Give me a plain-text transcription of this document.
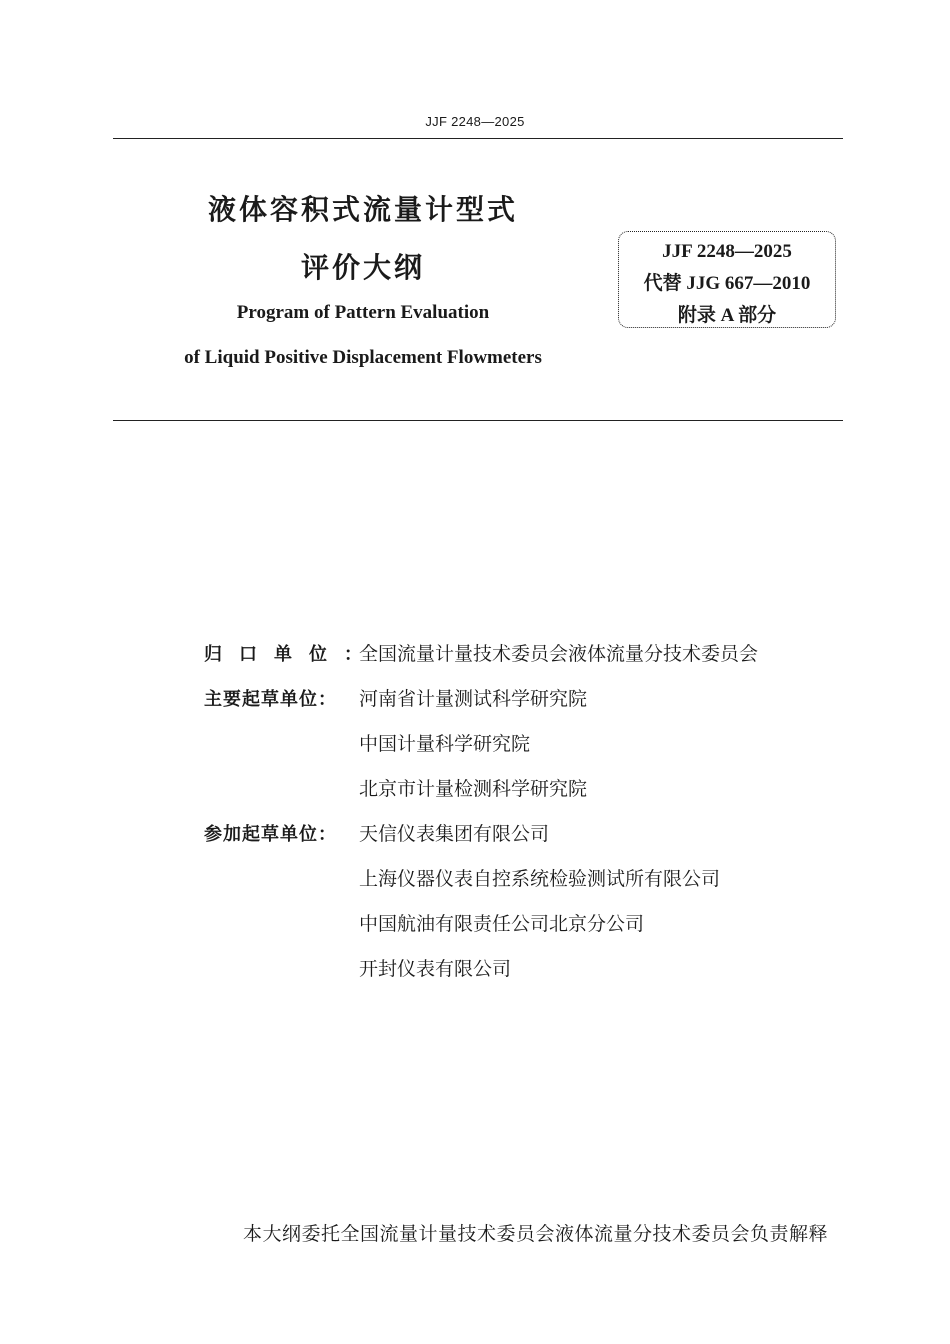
JJF 2248—2025
液体容积式流量计型式
评价大纲
Program of Pattern Evaluation
of Liquid Positive Displacement Flowmeters
JJF 2248—2025
代替 JJG 667—2010
附录 A 部分
归口单位：
全国流量计量技术委员会液体流量分技术委员会
主要起草单位：	河南省计量测试科学研究院
中国计量科学研究院
北京市计量检测科学研究院
参加起草单位：	天信仪表集团有限公司
上海仪器仪表自控系统检验测试所有限公司
中国航油有限责任公司北京分公司
开封仪表有限公司
本大纲委托全国流量计量技术委员会液体流量分技术委员会负责解释
